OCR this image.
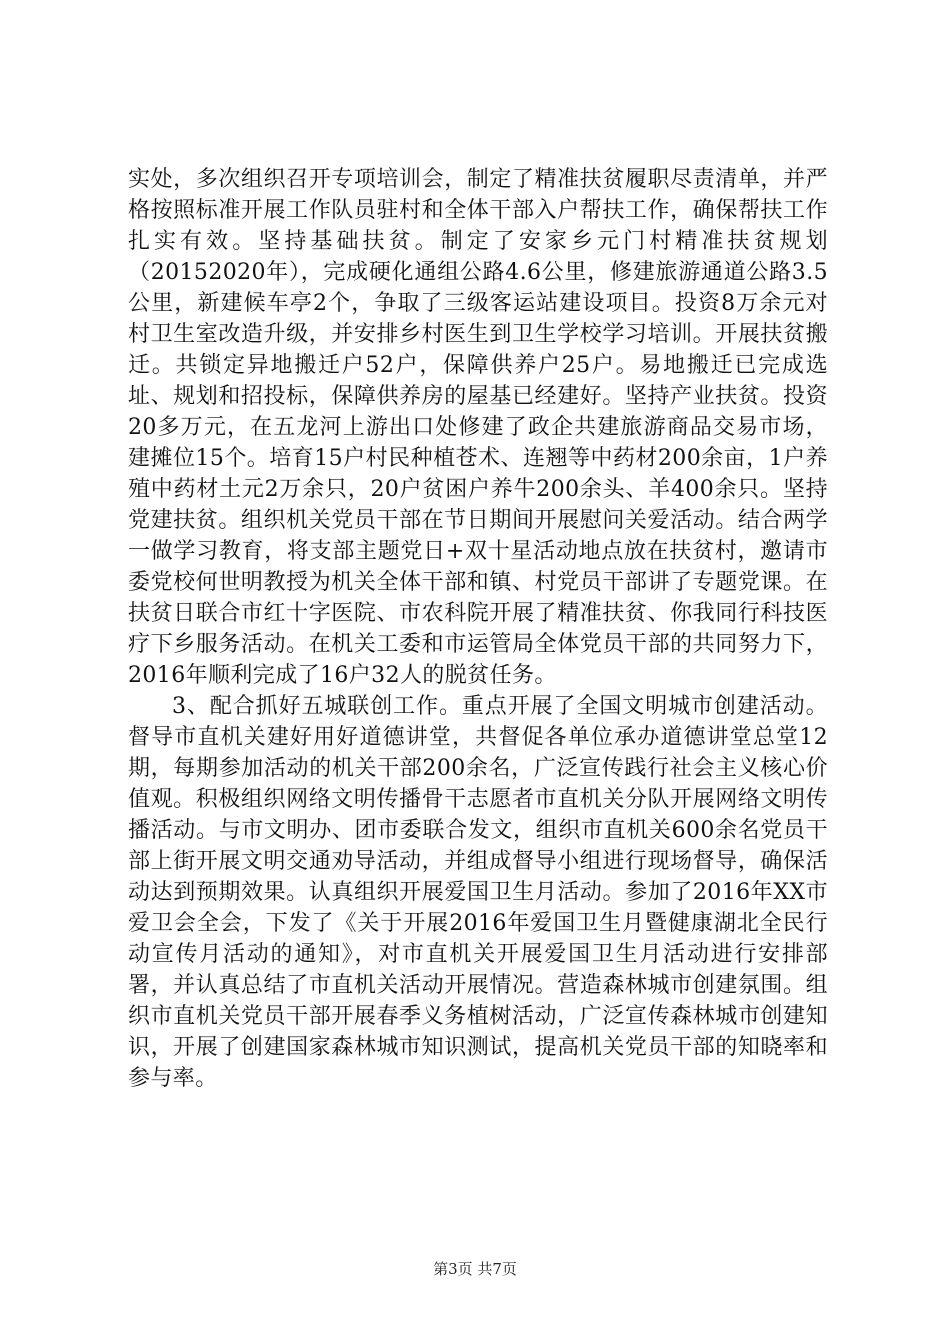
实处，多次组织召开专项培训会，制定了精准扶贫履职尽责清单，并严格按照标准开展工作队员驻村和全体干部入户帮扶工作，确保帮扶工作扎实有效。坚持基础扶贫。制定了安家乡元门村精准扶贫规划（20152020年），完成硬化通组公路4.6公里，修建旅游通道公路3.5公里，新建候车亭2个，争取了三级客运站建设项目。投资8万余元对村卫生室改造升级，并安排乡村医生到卫生学校学习培训。开展扶贫搬迁。共锁定异地搬迁户52户，保障供养户25户。易地搬迁已完成选址、规划和招投标，保障供养房的屋基已经建好。坚持产业扶贫。投资20多万元，在五龙河上游出口处修建了政企共建旅游商品交易市场，建摊位15个。培育15户村民种植苍术、连翘等中药材200余亩，1户养殖中药材土元2万余只，20户贫困户养牛200余头、羊400余只。坚持党建扶贫。组织机关党员干部在节日期间开展慰问关爱活动。结合两学一做学习教育，将支部主题党日+双十星活动地点放在扶贫村，邀请市委党校何世明教授为机关全体干部和镇、村党员干部讲了专题党课。在扶贫日联合市红十字医院、市农科院开展了精准扶贫、你我同行科技医疗下乡服务活动。在机关工委和市运管局全体党员干部的共同努力下，2016年顺利完成了16户32人的脱贫任务。

3、配合抓好五城联创工作。重点开展了全国文明城市创建活动。督导市直机关建好用好道德讲堂，共督促各单位承办道德讲堂总堂12期，每期参加活动的机关干部200余名，广泛宣传践行社会主义核心价值观。积极组织网络文明传播骨干志愿者市直机关分队开展网络文明传播活动。与市文明办、团市委联合发文，组织市直机关600余名党员干部上街开展文明交通劝导活动，并组成督导小组进行现场督导，确保活动达到预期效果。认真组织开展爱国卫生月活动。参加了2016年XX市爱卫会全会，下发了《关于开展2016年爱国卫生月暨健康湖北全民行动宣传月活动的通知》，对市直机关开展爱国卫生月活动进行安排部署，并认真总结了市直机关活动开展情况。营造森林城市创建氛围。组织市直机关党员干部开展春季义务植树活动，广泛宣传森林城市创建知识，开展了创建国家森林城市知识测试，提高机关党员干部的知晓率和参与率。

第3页 共7页
